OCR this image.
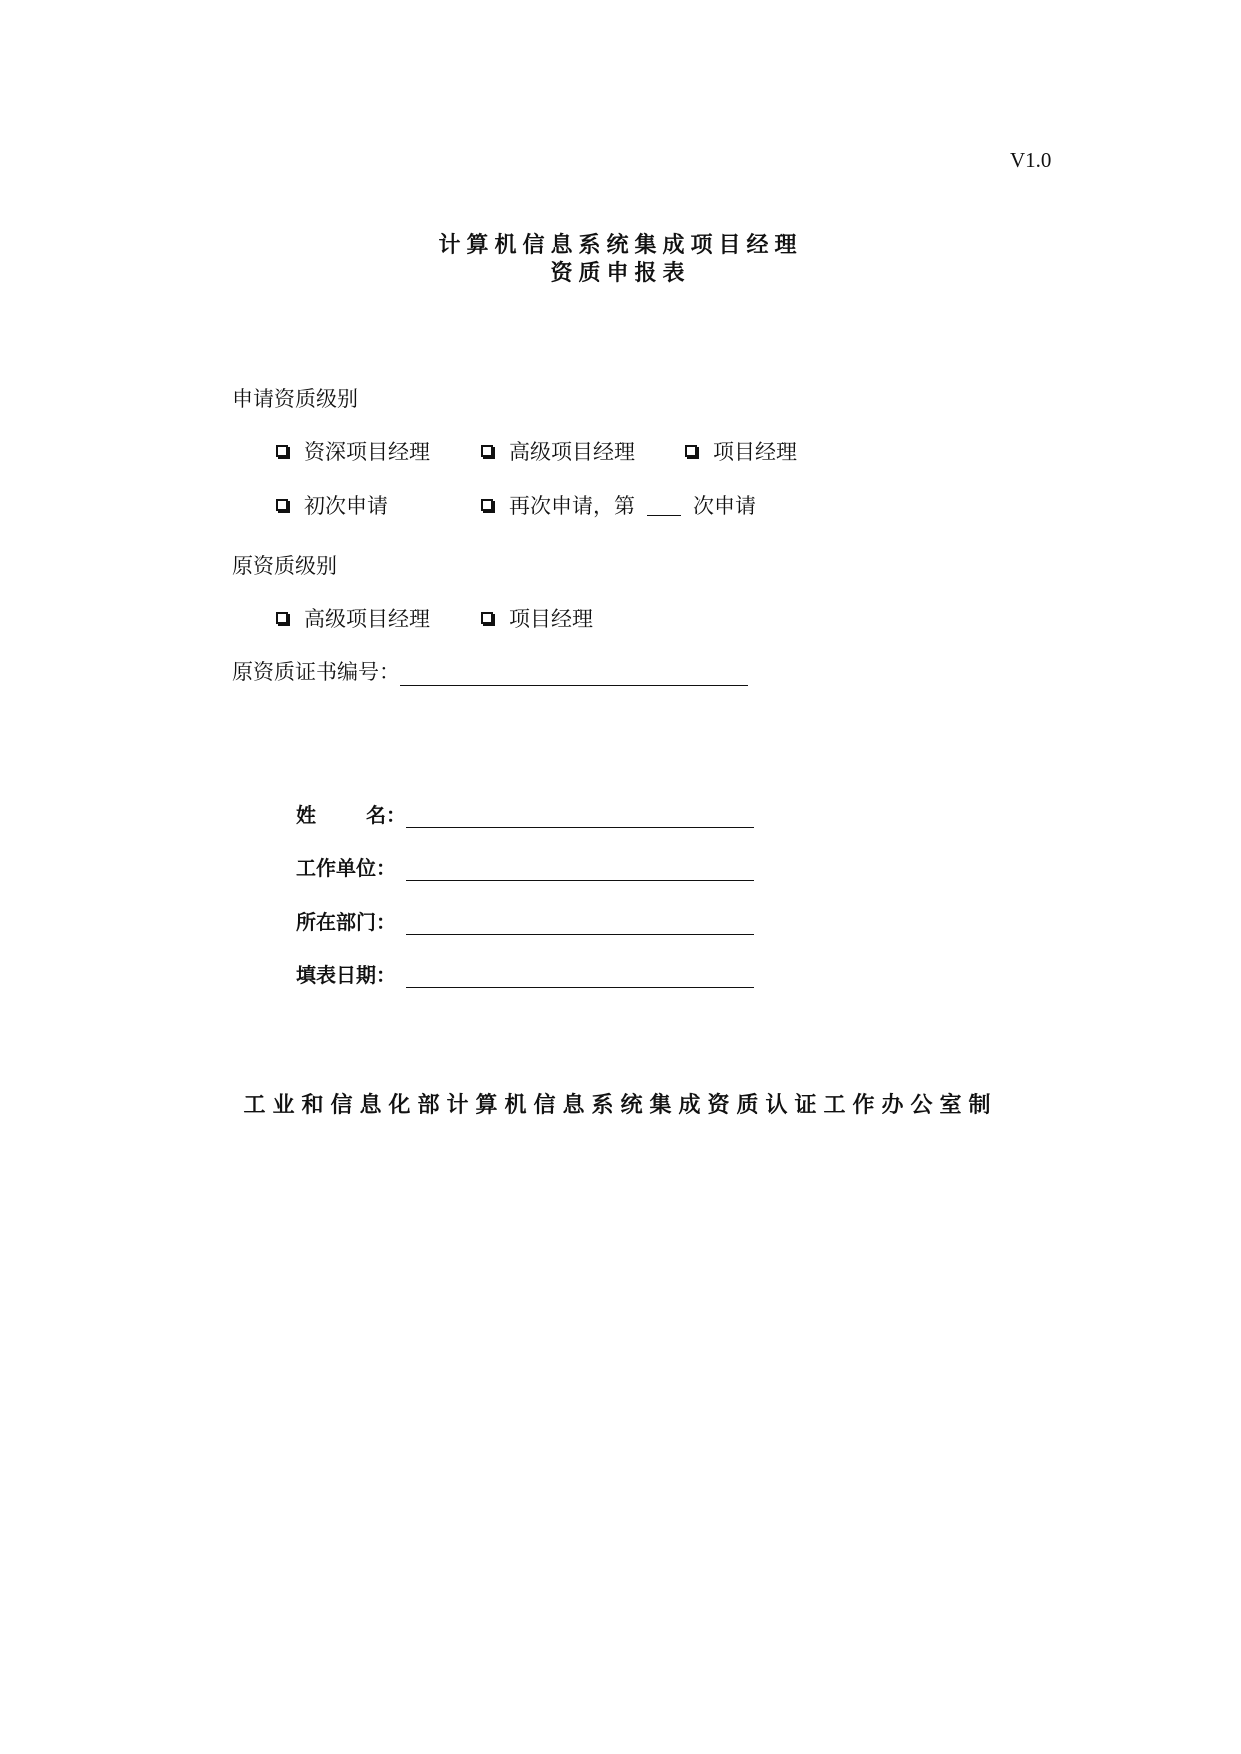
V1.0
计算机信息系统集成项目经理
资质申报表
申请资质级别
资深项目经理	高级项目经理	项目经理
初次申请	再次申请，第	次申请
原资质级别
高级项目经理	项目经理
原资质证书编号：
姓	名：
工作单位：
所在部门：
填表日期：
工业和信息化部计算机信息系统集成资质认证工作办公室制
